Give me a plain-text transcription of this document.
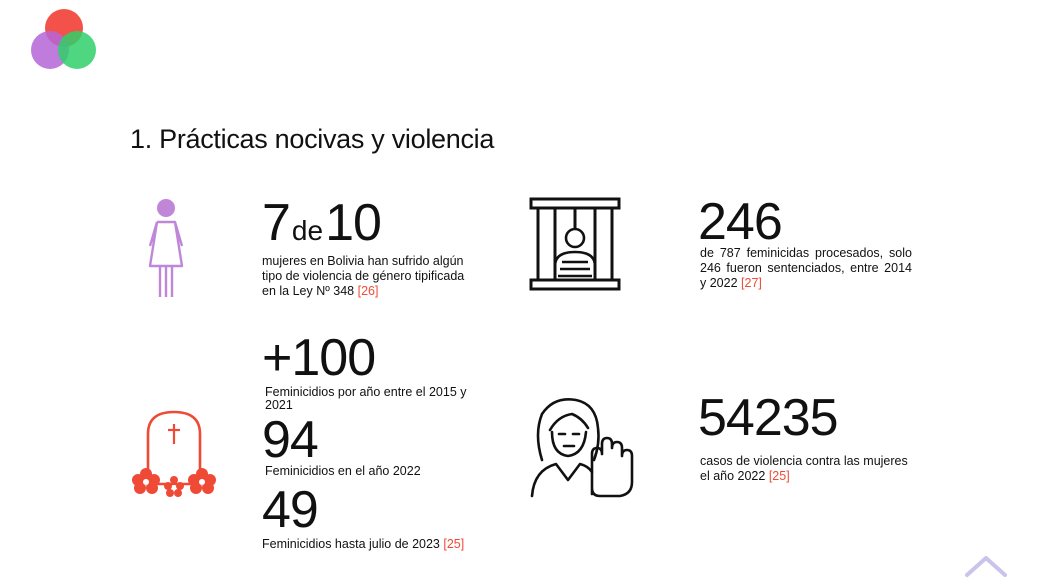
1. Prácticas nocivas y violencia
7de10
mujeres en Bolivia han sufrido algún tipo de violencia de género tipificada en la Ley Nº 348 [26]
246
de 787 feminicidas procesados, solo 246 fueron sentenciados, entre 2014 y 2022 [27]
+100
Feminicidios por año entre el 2015 y 2021
94
Feminicidios en el año 2022
49
Feminicidios hasta julio de 2023 [25]
54235
casos de violencia contra las mujeres el año 2022 [25]
